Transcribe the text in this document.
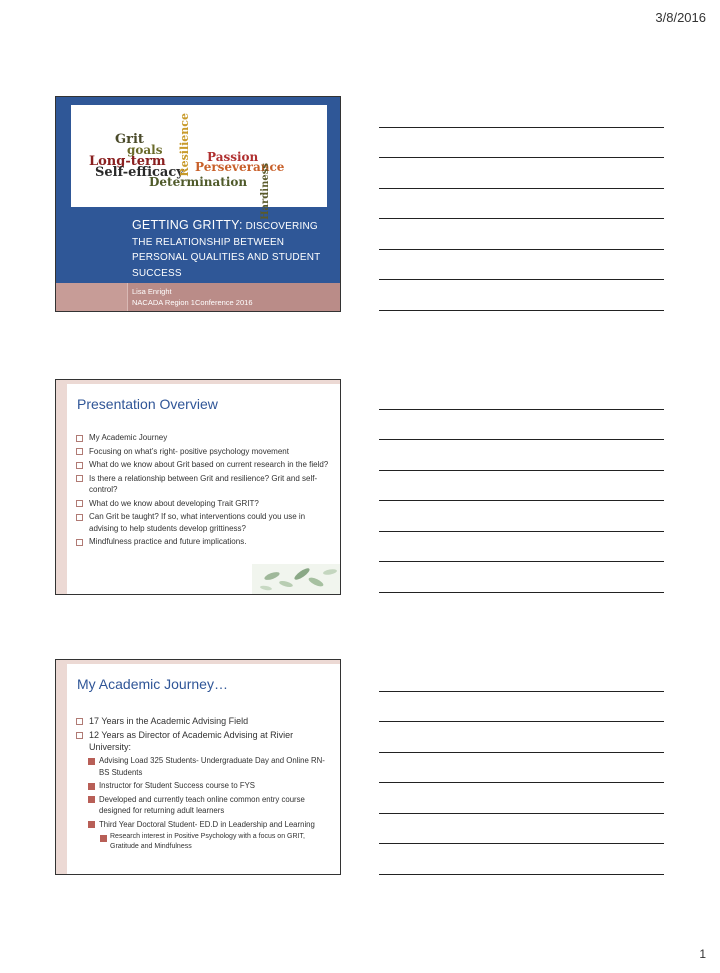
3/8/2016
Grit
goals
Long-term
Self-efficacy
Determination
Passion
Perseverance
Resilience
Hardiness
GETTING GRITTY: DISCOVERING
THE RELATIONSHIP BETWEEN
PERSONAL QUALITIES AND STUDENT
SUCCESS
Lisa Enright
NACADA Region 1Conference 2016
Presentation Overview
My Academic Journey
Focusing on what’s right- positive psychology movement
What do we know about Grit based on current research in the field?
Is there a relationship between Grit and resilience? Grit and self-control?
What do we know about developing Trait GRIT?
Can Grit be taught? If so, what interventions could you use in advising to help students develop grittiness?
Mindfulness practice and future implications.
My Academic Journey…
17 Years in the Academic Advising Field
12 Years as Director of Academic Advising at Rivier University:
Advising Load 325 Students- Undergraduate Day and Online RN-BS Students
Instructor for Student Success course to FYS
Developed and currently teach online common entry course designed for returning adult learners
Third Year Doctoral Student- ED.D in Leadership and Learning
Research interest in Positive Psychology with a focus on GRIT, Gratitude and Mindfulness
1
